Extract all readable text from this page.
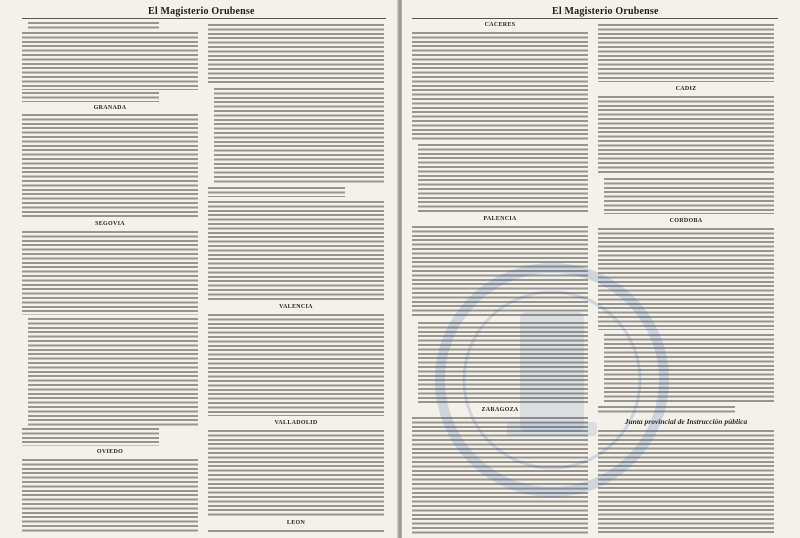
El Magisterio Orubense
GRANADA
SEGOVIA
OVIEDO
VALENCIA
VALLADOLID
LEON
El Magisterio Orubense
CACERES
PALENCIA
ZARAGOZA
CADIZ
CORDOBA
Junta provincial de Instrucción pública
